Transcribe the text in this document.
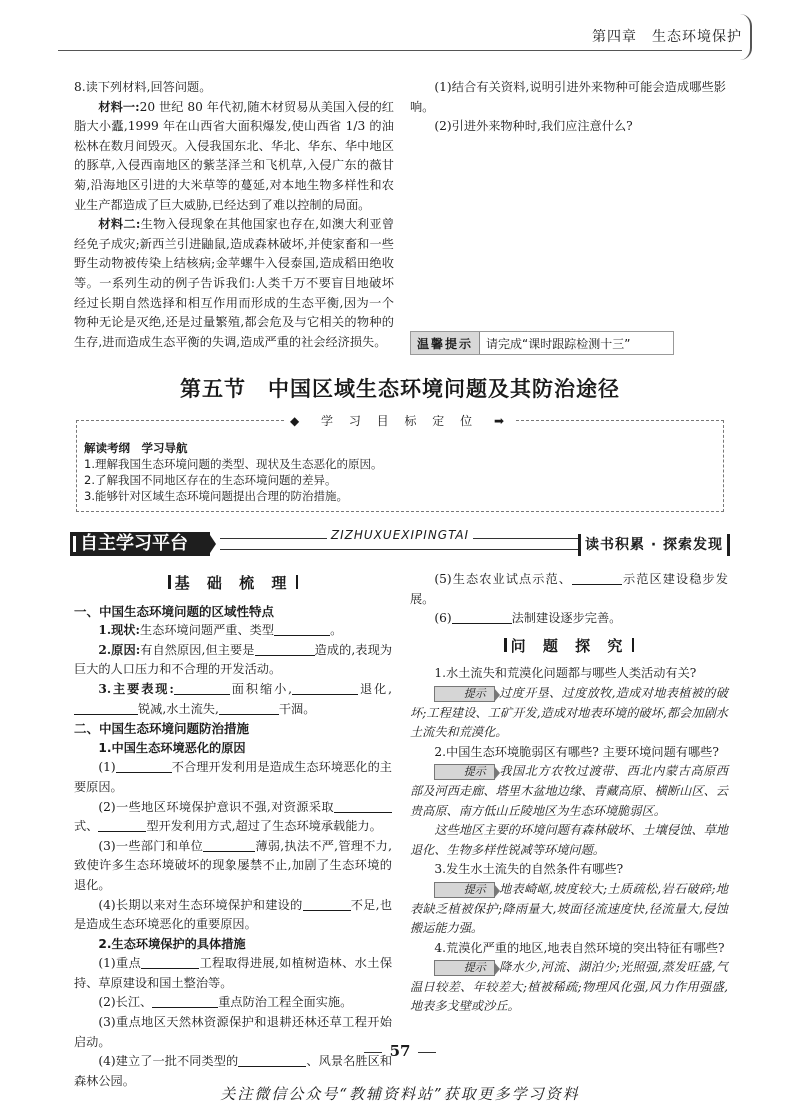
第四章　生态环境保护

8.读下列材料,回答问题。

材料一:20 世纪 80 年代初,随木材贸易从美国入侵的红脂大小蠹,1999 年在山西省大面积爆发,使山西省 1/3 的油松林在数月间毁灭。入侵我国东北、华北、华东、华中地区的豚草,入侵西南地区的紫茎泽兰和飞机草,入侵广东的薇甘菊,沿海地区引进的大米草等的蔓延,对本地生物多样性和农业生产都造成了巨大威胁,已经达到了难以控制的局面。

材料二:生物入侵现象在其他国家也存在,如澳大利亚曾经免子成灾;新西兰引进鼬鼠,造成森林破坏,并使家畜和一些野生动物被传染上结核病;金苹螺牛入侵泰国,造成稻田绝收等。一系列生动的例子告诉我们:人类千万不要盲目地破坏经过长期自然选择和相互作用而形成的生态平衡,因为一个物种无论是灭绝,还是过量繁殖,都会危及与它相关的物种的生存,进而造成生态平衡的失调,造成严重的社会经济损失。

(1)结合有关资料,说明引进外来物种可能会造成哪些影响。

(2)引进外来物种时,我们应注意什么?

温馨提示	请完成“课时跟踪检测十三”
第五节　中国区域生态环境问题及其防治途径
◆ 学 习 目 标 定 位 ➡
解读考纲　学习导航
1.理解我国生态环境问题的类型、现状及生态恶化的原因。
2.了解我国不同地区存在的生态环境问题的差异。
3.能够针对区域生态环境问题提出合理的防治措施。
自主学习平台	ZIZHUXUEXIPINGTAI
读书积累 · 探索发现
基 础 梳 理

一、中国生态环境问题的区域性特点

1.现状:生态环境问题严重、类型	。

2.原因:有自然原因,但主要是	造成的,表现为巨大的人口压力和不合理的开发活动。

3.主要表现:	面积缩小,	退化,锐减,水土流失,	干涸。

二、中国生态环境问题防治措施

1.中国生态环境恶化的原因

(1)	不合理开发利用是造成生态环境恶化的主要原因。

(2)一些地区环境保护意识不强,对资源采取式、	型开发利用方式,超过了生态环境承载能力。

(3)一些部门和单位	薄弱,执法不严,管理不力,致使许多生态环境破坏的现象屡禁不止,加剧了生态环境的退化。

(4)长期以来对生态环境保护和建设的	不足,也是造成生态环境恶化的重要原因。

2.生态环境保护的具体措施

(1)重点	工程取得进展,如植树造林、水土保持、草原建设和国土整治等。

(2)长江、	重点防治工程全面实施。

(3)重点地区天然林资源保护和退耕还林还草工程开始启动。

(4)建立了一批不同类型的	、风景名胜区和森林公园。

(5)生态农业试点示范、	示范区建设稳步发展。

(6)	法制建设逐步完善。

问 题 探 究

1.水土流失和荒漠化问题都与哪些人类活动有关?

提示 过度开垦、过度放牧,造成对地表植被的破坏;工程建设、工矿开发,造成对地表环境的破坏,都会加剧水土流失和荒漠化。

2.中国生态环境脆弱区有哪些? 主要环境问题有哪些?

提示 我国北方农牧过渡带、西北内蒙古高原西部及河西走廊、塔里木盆地边缘、青藏高原、横断山区、云贵高原、南方低山丘陵地区为生态环境脆弱区。

这些地区主要的环境问题有森林破坏、土壤侵蚀、草地退化、生物多样性锐减等环境问题。

3.发生水土流失的自然条件有哪些?

提示 地表崎岖,坡度较大;土质疏松,岩石破碎;地表缺乏植被保护;降雨量大,坡面径流速度快,径流量大,侵蚀搬运能力强。

4.荒漠化严重的地区,地表自然环境的突出特征有哪些?

提示 降水少,河流、湖泊少;光照强,蒸发旺盛,气温日较差、年较差大;植被稀疏;物理风化强,风力作用强盛,地表多戈壁或沙丘。

57
关注微信公众号“教辅资料站”获取更多学习资料
